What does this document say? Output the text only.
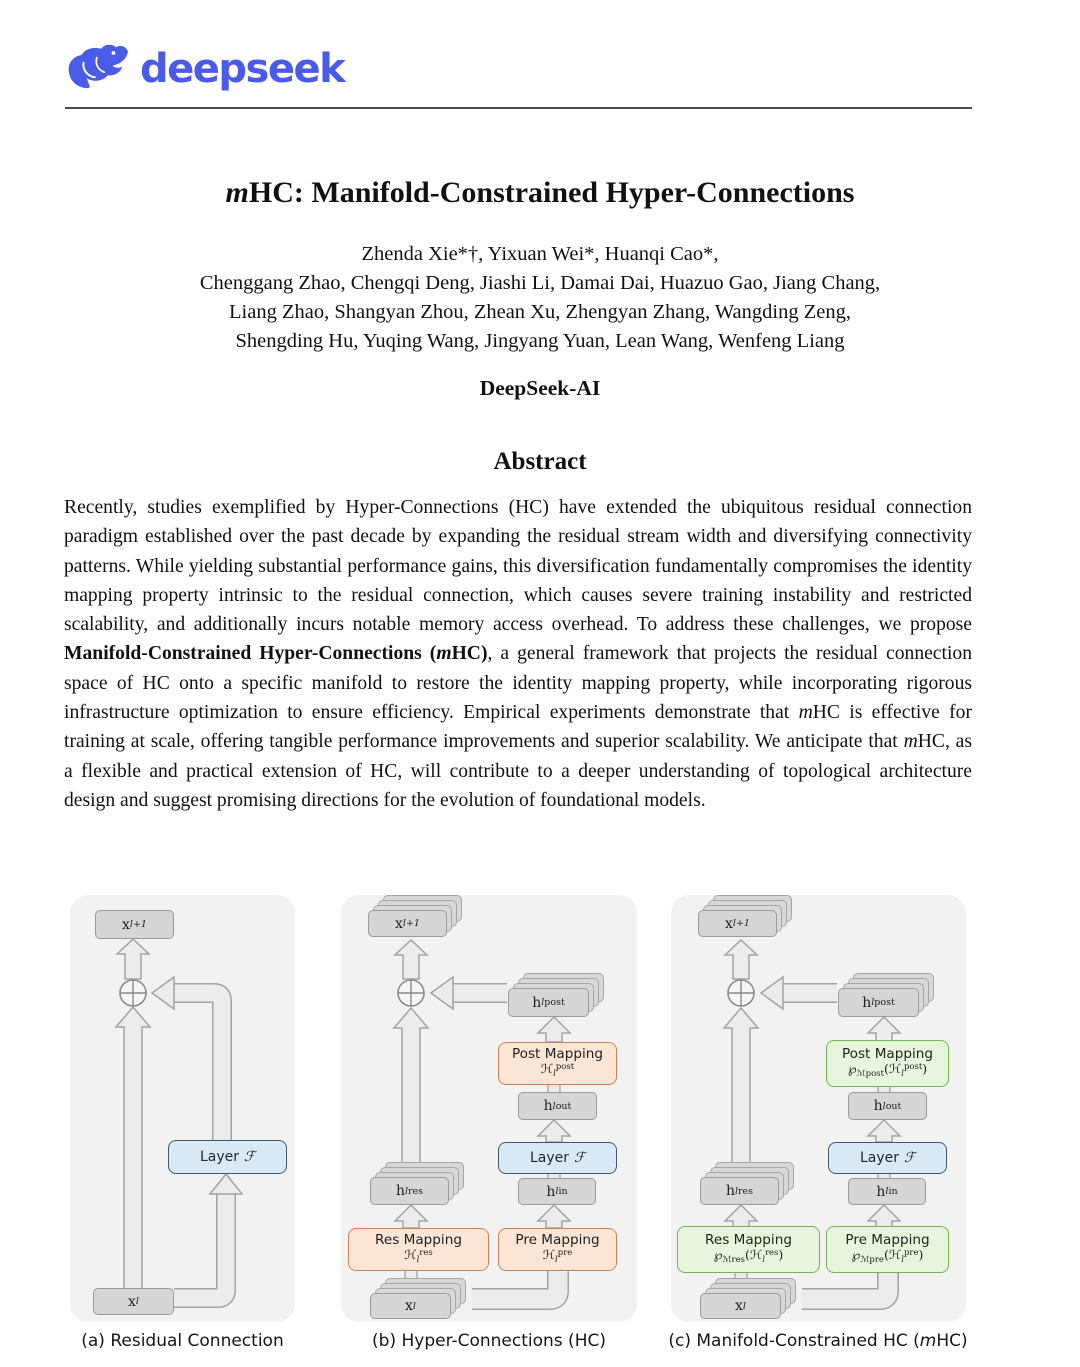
deepseek
mHC: Manifold-Constrained Hyper-Connections
Zhenda Xie*†, Yixuan Wei*, Huanqi Cao*,
Chenggang Zhao, Chengqi Deng, Jiashi Li, Damai Dai, Huazuo Gao, Jiang Chang,
Liang Zhao, Shangyan Zhou, Zhean Xu, Zhengyan Zhang, Wangding Zeng,
Shengding Hu, Yuqing Wang, Jingyang Yuan, Lean Wang, Wenfeng Liang
DeepSeek-AI
Abstract
Recently, studies exemplified by Hyper-Connections (HC) have extended the ubiquitous residual connection paradigm established over the past decade by expanding the residual stream width and diversifying connectivity patterns. While yielding substantial performance gains, this diversification fundamentally compromises the identity mapping property intrinsic to the residual connection, which causes severe training instability and restricted scalability, and additionally incurs notable memory access overhead. To address these challenges, we propose Manifold-Constrained Hyper-Connections (mHC), a general framework that projects the residual connection space of HC onto a specific manifold to restore the identity mapping property, while incorporating rigorous infrastructure optimization to ensure efficiency. Empirical experiments demonstrate that mHC is effective for training at scale, offering tangible performance improvements and superior scalability. We anticipate that mHC, as a flexible and practical extension of HC, will contribute to a deeper understanding of topological architecture design and suggest promising directions for the evolution of foundational models.
x l+1
Layer ℱ
x l
(a) Residual Connection
x l+1
h l post
Post Mapping
ℋ$_l^{post}$
h l out
Layer ℱ
h l in
Pre Mapping
ℋ$_l^{pre}$
Res Mapping
ℋ$_l^{res}$
h l res
x l
(b) Hyper-Connections (HC)
x l+1
h l post
Post Mapping
$℘_{ℳpost}(ℋ_l^{post})$
h l out
Layer ℱ
h l in
Pre Mapping
$℘_{ℳpre}(ℋ_l^{pre})$
Res Mapping
$℘_{ℳres}(ℋ_l^{res})$
h l res
x l
(c) Manifold-Constrained HC (mHC)
